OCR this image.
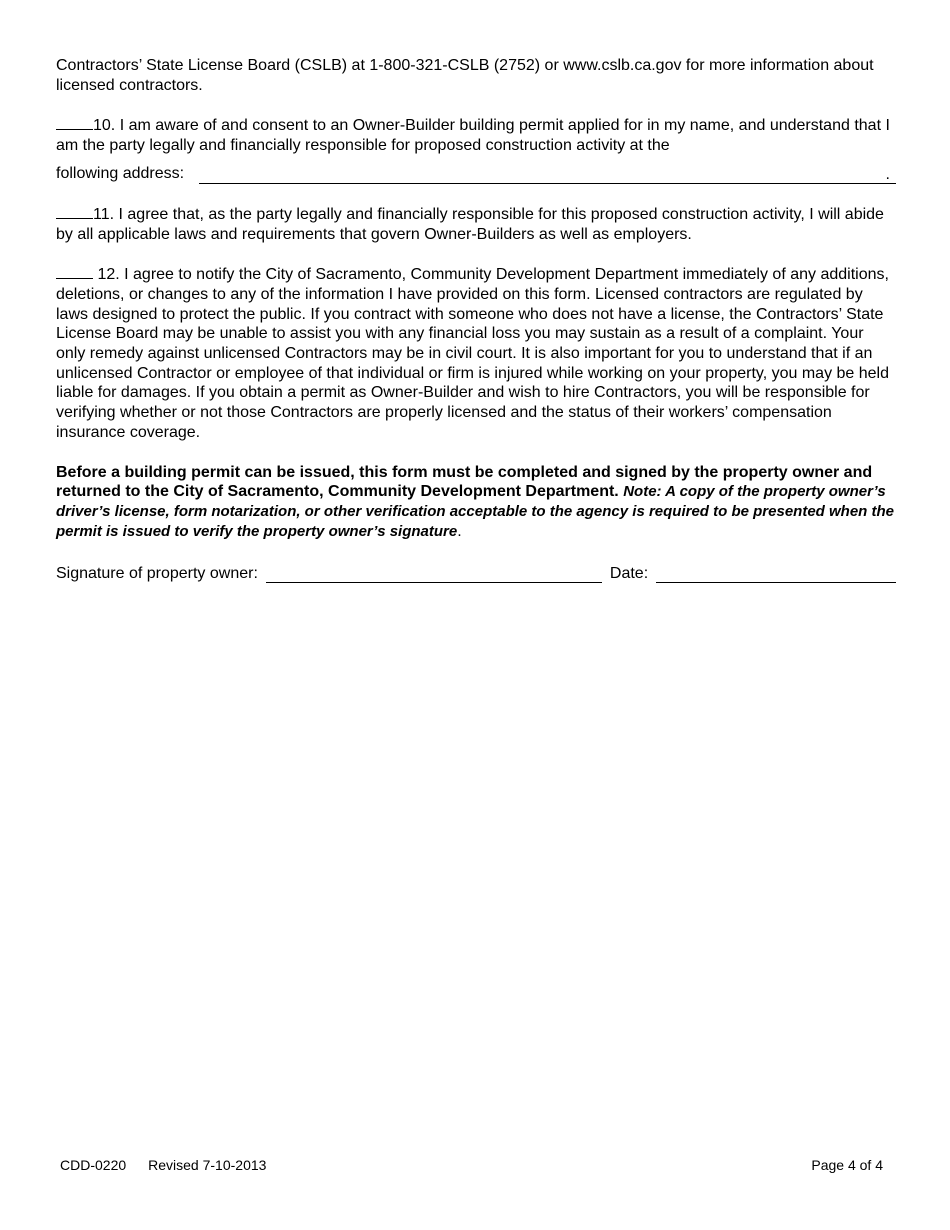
Contractors’ State License Board (CSLB) at 1-800-321-CSLB (2752) or www.cslb.ca.gov for more information about licensed contractors.

10. I am aware of and consent to an Owner-Builder building permit applied for in my name, and understand that I am the party legally and financially responsible for proposed construction activity at the

following address:	.

11. I agree that, as the party legally and financially responsible for this proposed construction activity, I will abide by all applicable laws and requirements that govern Owner-Builders as well as employers.

12. I agree to notify the City of Sacramento, Community Development Department immediately of any additions, deletions, or changes to any of the information I have provided on this form. Licensed contractors are regulated by laws designed to protect the public. If you contract with someone who does not have a license, the Contractors’ State License Board may be unable to assist you with any financial loss you may sustain as a result of a complaint. Your only remedy against unlicensed Contractors may be in civil court. It is also important for you to understand that if an unlicensed Contractor or employee of that individual or firm is injured while working on your property, you may be held liable for damages. If you obtain a permit as Owner-Builder and wish to hire Contractors, you will be responsible for verifying whether or not those Contractors are properly licensed and the status of their workers’ compensation insurance coverage.

Before a building permit can be issued, this form must be completed and signed by the property owner and returned to the City of Sacramento, Community Development Department. Note: A copy of the property owner’s driver’s license, form notarization, or other verification acceptable to the agency is required to be presented when the permit is issued to verify the property owner’s signature.

Signature of property owner:	Date:
CDD-0220 Revised 7-10-2013	Page 4 of 4
